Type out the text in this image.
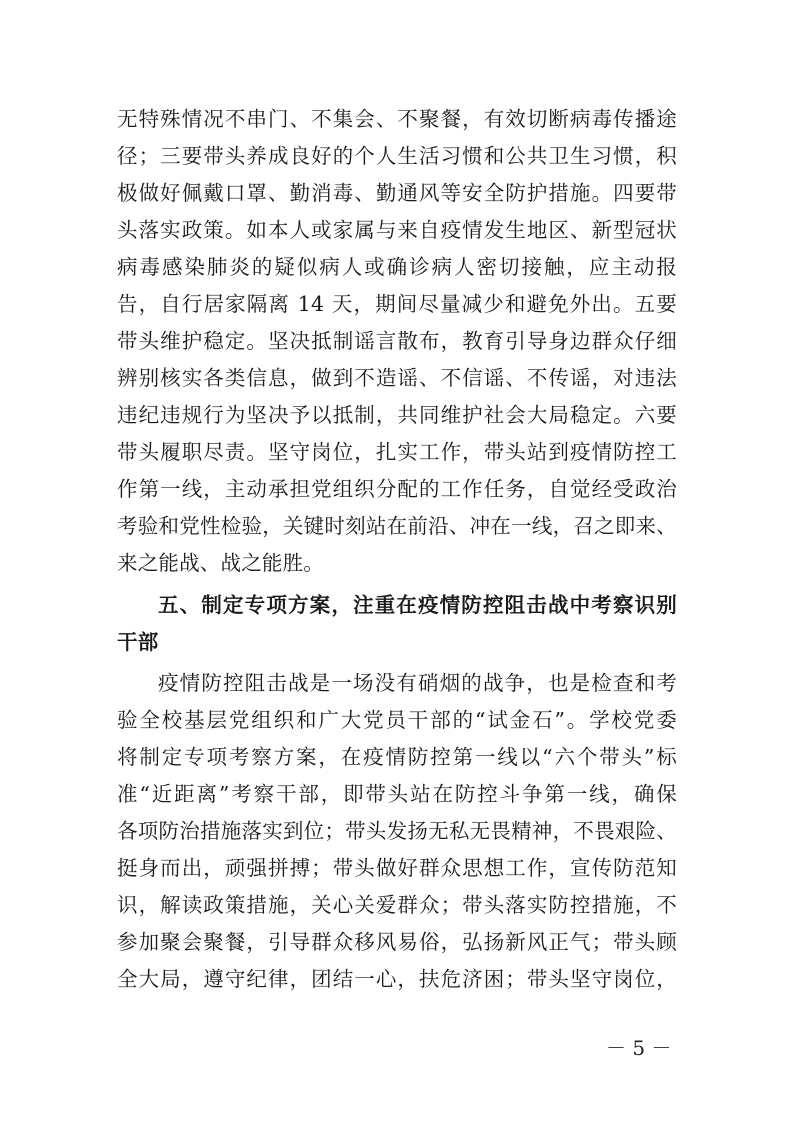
无特殊情况不串门、不集会、不聚餐，有效切断病毒传播途
径；三要带头养成良好的个人生活习惯和公共卫生习惯，积
极做好佩戴口罩、勤消毒、勤通风等安全防护措施。四要带
头落实政策。如本人或家属与来自疫情发生地区、新型冠状
病毒感染肺炎的疑似病人或确诊病人密切接触，应主动报
告，自行居家隔离 14 天，期间尽量减少和避免外出。五要
带头维护稳定。坚决抵制谣言散布，教育引导身边群众仔细
辨别核实各类信息，做到不造谣、不信谣、不传谣，对违法
违纪违规行为坚决予以抵制，共同维护社会大局稳定。六要
带头履职尽责。坚守岗位，扎实工作，带头站到疫情防控工
作第一线，主动承担党组织分配的工作任务，自觉经受政治
考验和党性检验，关键时刻站在前沿、冲在一线，召之即来、
来之能战、战之能胜。
五、制定专项方案，注重在疫情防控阻击战中考察识别
干部
疫情防控阻击战是一场没有硝烟的战争，也是检查和考
验全校基层党组织和广大党员干部的“试金石”。学校党委
将制定专项考察方案，在疫情防控第一线以“六个带头”标
准“近距离”考察干部，即带头站在防控斗争第一线，确保
各项防治措施落实到位；带头发扬无私无畏精神，不畏艰险、
挺身而出，顽强拼搏；带头做好群众思想工作，宣传防范知
识，解读政策措施，关心关爱群众；带头落实防控措施，不
参加聚会聚餐，引导群众移风易俗，弘扬新风正气；带头顾
全大局，遵守纪律，团结一心，扶危济困；带头坚守岗位，
－ 5 －
